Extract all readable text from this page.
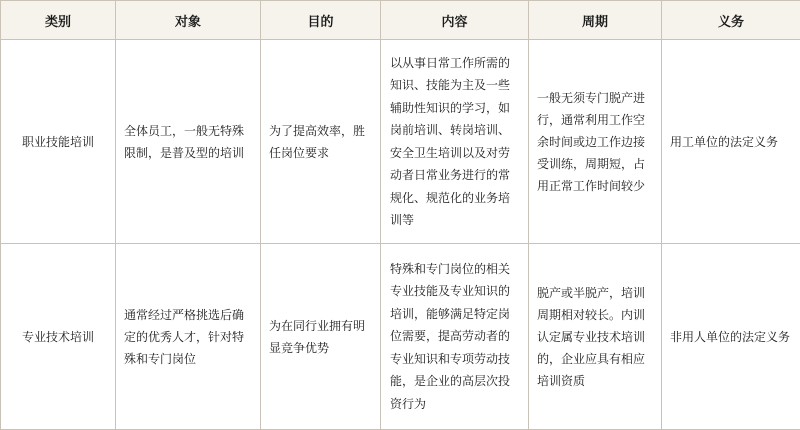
类别	对象	目的	内容	周期	义务
职业技能培训	全体员工，一般无特殊限制，是普及型的培训	为了提高效率，胜任岗位要求	以从事日常工作所需的知识、技能为主及一些辅助性知识的学习，如岗前培训、转岗培训、安全卫生培训以及对劳动者日常业务进行的常规化、规范化的业务培训等	一般无须专门脱产进行，通常利用工作空余时间或边工作边接受训练，周期短，占用正常工作时间较少	用工单位的法定义务
专业技术培训	通常经过严格挑选后确定的优秀人才，针对特殊和专门岗位	为在同行业拥有明显竞争优势	特殊和专门岗位的相关专业技能及专业知识的培训，能够满足特定岗位需要，提高劳动者的专业知识和专项劳动技能，是企业的高层次投资行为	脱产或半脱产，培训周期相对较长。内训认定属专业技术培训的，企业应具有相应培训资质	非用人单位的法定义务
